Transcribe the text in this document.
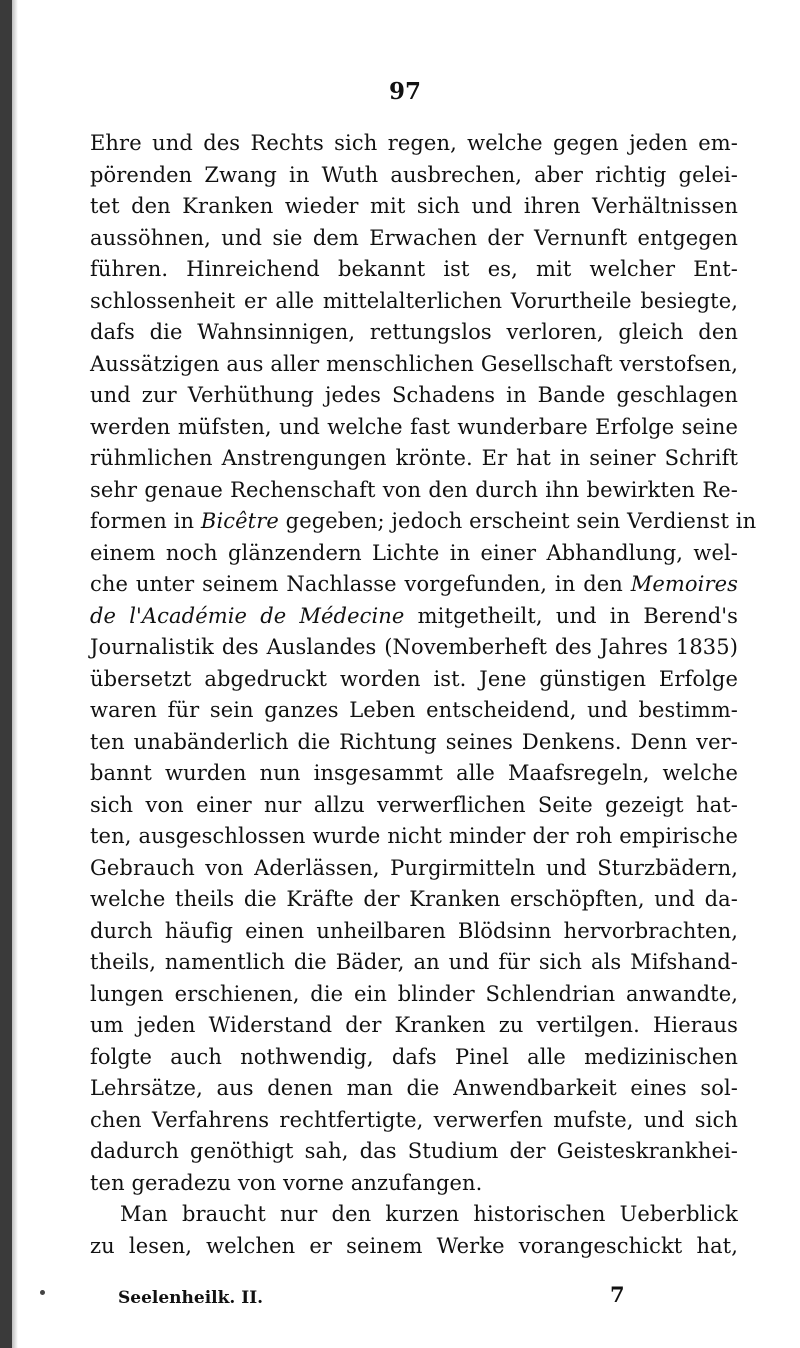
97
Ehre und des Rechts sich regen, welche gegen jeden em-
pörenden Zwang in Wuth ausbrechen, aber richtig gelei-
tet den Kranken wieder mit sich und ihren Verhältnissen
aussöhnen, und sie dem Erwachen der Vernunft entgegen
führen. Hinreichend bekannt ist es, mit welcher Ent-
schlossenheit er alle mittelalterlichen Vorurtheile besiegte,
dafs die Wahnsinnigen, rettungslos verloren, gleich den
Aussätzigen aus aller menschlichen Gesellschaft verstofsen,
und zur Verhüthung jedes Schadens in Bande geschlagen
werden müfsten, und welche fast wunderbare Erfolge seine
rühmlichen Anstrengungen krönte. Er hat in seiner Schrift
sehr genaue Rechenschaft von den durch ihn bewirkten Re-
formen in Bicêtre gegeben; jedoch erscheint sein Verdienst in
einem noch glänzendern Lichte in einer Abhandlung, wel-
che unter seinem Nachlasse vorgefunden, in den Memoires
de l'Académie de Médecine mitgetheilt, und in Berend's
Journalistik des Auslandes (Novemberheft des Jahres 1835)
übersetzt abgedruckt worden ist. Jene günstigen Erfolge
waren für sein ganzes Leben entscheidend, und bestimm-
ten unabänderlich die Richtung seines Denkens. Denn ver-
bannt wurden nun insgesammt alle Maafsregeln, welche
sich von einer nur allzu verwerflichen Seite gezeigt hat-
ten, ausgeschlossen wurde nicht minder der roh empirische
Gebrauch von Aderlässen, Purgirmitteln und Sturzbädern,
welche theils die Kräfte der Kranken erschöpften, und da-
durch häufig einen unheilbaren Blödsinn hervorbrachten,
theils, namentlich die Bäder, an und für sich als Mifshand-
lungen erschienen, die ein blinder Schlendrian anwandte,
um jeden Widerstand der Kranken zu vertilgen. Hieraus
folgte auch nothwendig, dafs Pinel alle medizinischen
Lehrsätze, aus denen man die Anwendbarkeit eines sol-
chen Verfahrens rechtfertigte, verwerfen mufste, und sich
dadurch genöthigt sah, das Studium der Geisteskrankhei-
ten geradezu von vorne anzufangen.
Man braucht nur den kurzen historischen Ueberblick
zu lesen, welchen er seinem Werke vorangeschickt hat,
Seelenheilk. II.	7
